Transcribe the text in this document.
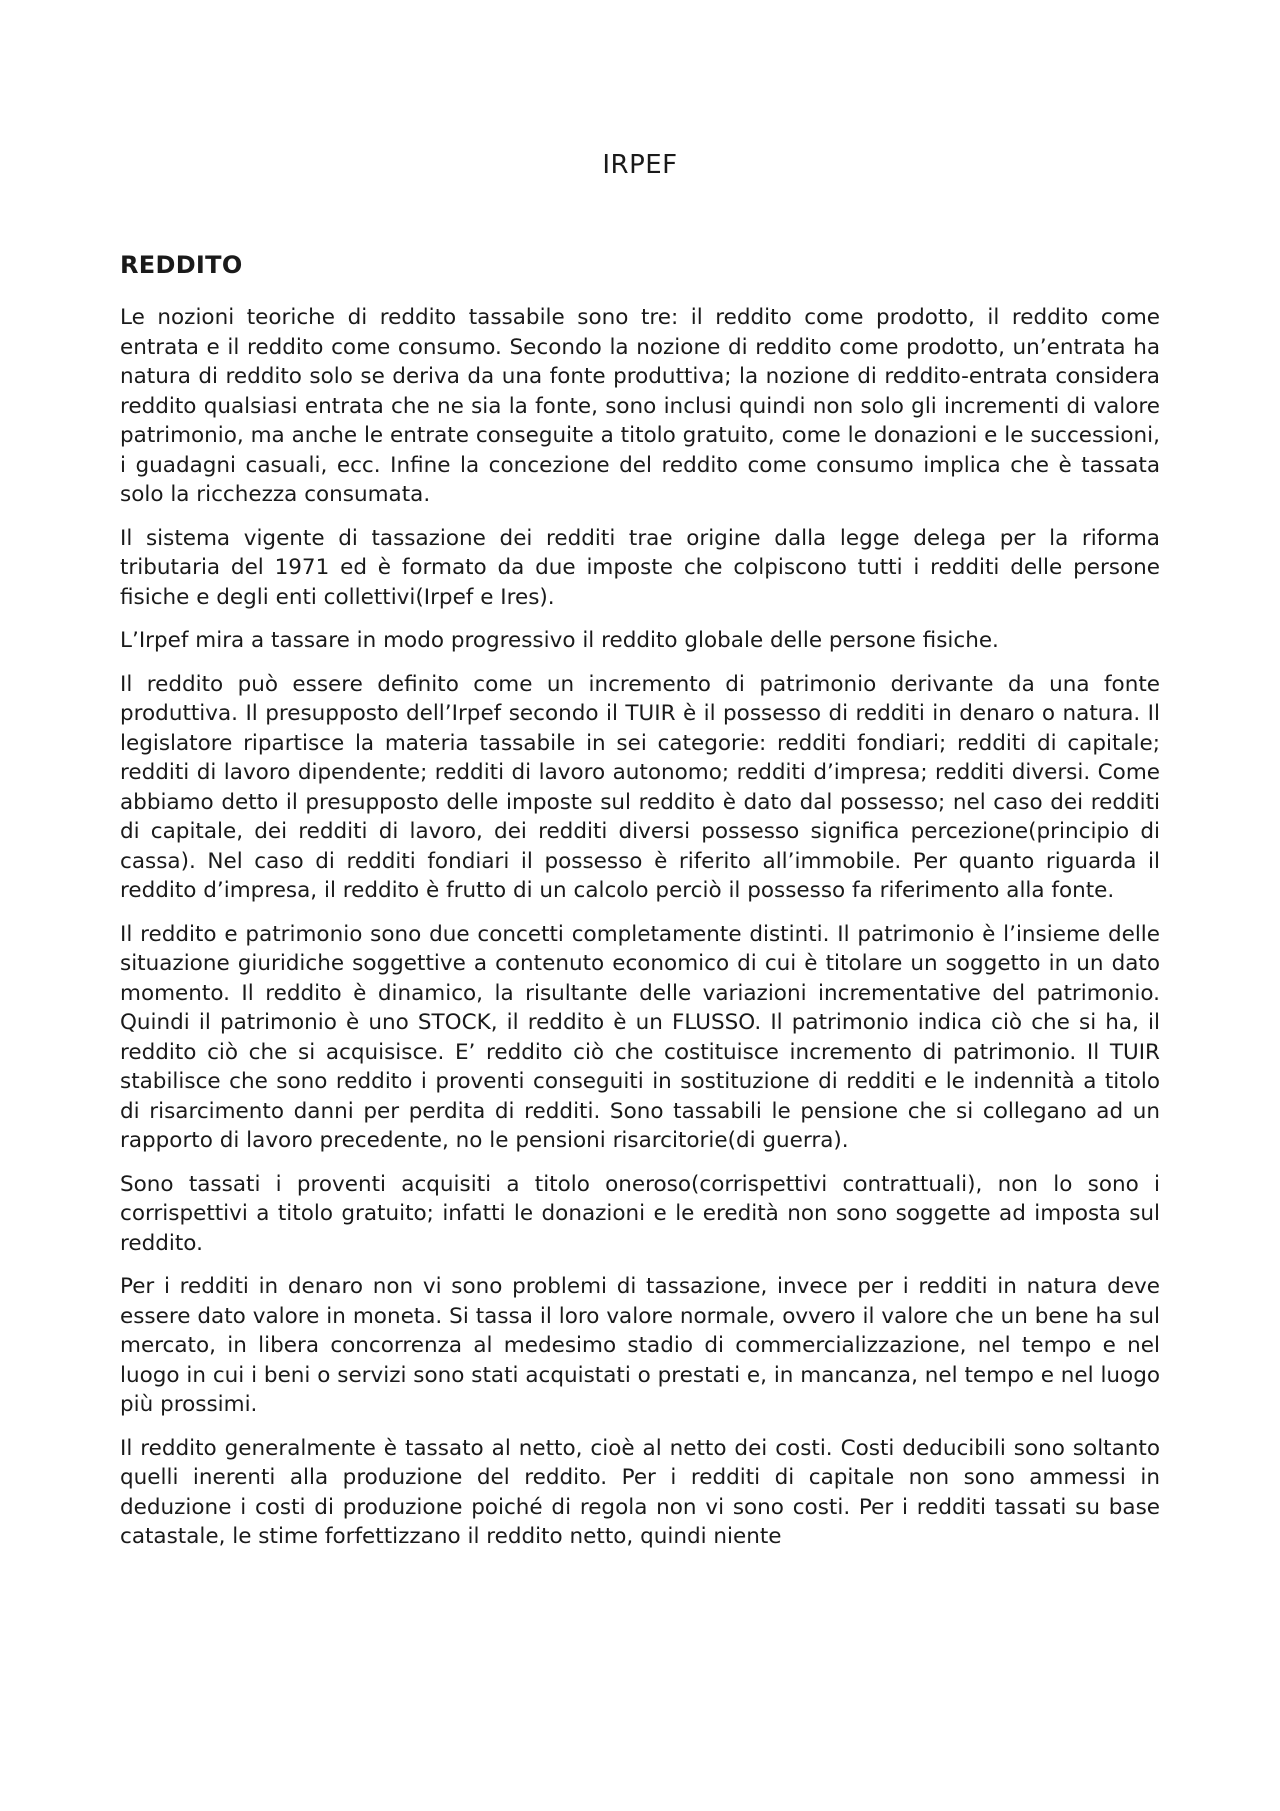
IRPEF
REDDITO

Le nozioni teoriche di reddito tassabile sono tre: il reddito come prodotto, il reddito come entrata e il reddito come consumo. Secondo la nozione di reddito come prodotto, un’entrata ha natura di reddito solo se deriva da una fonte produttiva; la nozione di reddito-entrata considera reddito qualsiasi entrata che ne sia la fonte, sono inclusi quindi non solo gli incrementi di valore patrimonio, ma anche le entrate conseguite a titolo gratuito, come le donazioni e le successioni, i guadagni casuali, ecc. Infine la concezione del reddito come consumo implica che è tassata solo la ricchezza consumata.

Il sistema vigente di tassazione dei redditi trae origine dalla legge delega per la riforma tributaria del 1971 ed è formato da due imposte che colpiscono tutti i redditi delle persone fisiche e degli enti collettivi(Irpef e Ires).

L’Irpef mira a tassare in modo progressivo il reddito globale delle persone fisiche.

Il reddito può essere definito come un incremento di patrimonio derivante da una fonte produttiva. Il presupposto dell’Irpef secondo il TUIR è il possesso di redditi in denaro o natura. Il legislatore ripartisce la materia tassabile in sei categorie: redditi fondiari; redditi di capitale; redditi di lavoro dipendente; redditi di lavoro autonomo; redditi d’impresa; redditi diversi. Come abbiamo detto il presupposto delle imposte sul reddito è dato dal possesso; nel caso dei redditi di capitale, dei redditi di lavoro, dei redditi diversi possesso significa percezione(principio di cassa). Nel caso di redditi fondiari il possesso è riferito all’immobile. Per quanto riguarda il reddito d’impresa, il reddito è frutto di un calcolo perciò il possesso fa riferimento alla fonte.

Il reddito e patrimonio sono due concetti completamente distinti. Il patrimonio è l’insieme delle situazione giuridiche soggettive a contenuto economico di cui è titolare un soggetto in un dato momento. Il reddito è dinamico, la risultante delle variazioni incrementative del patrimonio. Quindi il patrimonio è uno STOCK, il reddito è un FLUSSO. Il patrimonio indica ciò che si ha, il reddito ciò che si acquisisce. E’ reddito ciò che costituisce incremento di patrimonio. Il TUIR stabilisce che sono reddito i proventi conseguiti in sostituzione di redditi e le indennità a titolo di risarcimento danni per perdita di redditi. Sono tassabili le pensione che si collegano ad un rapporto di lavoro precedente, no le pensioni risarcitorie(di guerra).

Sono tassati i proventi acquisiti a titolo oneroso(corrispettivi contrattuali), non lo sono i corrispettivi a titolo gratuito; infatti le donazioni e le eredità non sono soggette ad imposta sul reddito.

Per i redditi in denaro non vi sono problemi di tassazione, invece per i redditi in natura deve essere dato valore in moneta. Si tassa il loro valore normale, ovvero il valore che un bene ha sul mercato, in libera concorrenza al medesimo stadio di commercializzazione, nel tempo e nel luogo in cui i beni o servizi sono stati acquistati o prestati e, in mancanza, nel tempo e nel luogo più prossimi.

Il reddito generalmente è tassato al netto, cioè al netto dei costi. Costi deducibili sono soltanto quelli inerenti alla produzione del reddito. Per i redditi di capitale non sono ammessi in deduzione i costi di produzione poiché di regola non vi sono costi. Per i redditi tassati su base catastale, le stime forfettizzano il reddito netto, quindi niente
